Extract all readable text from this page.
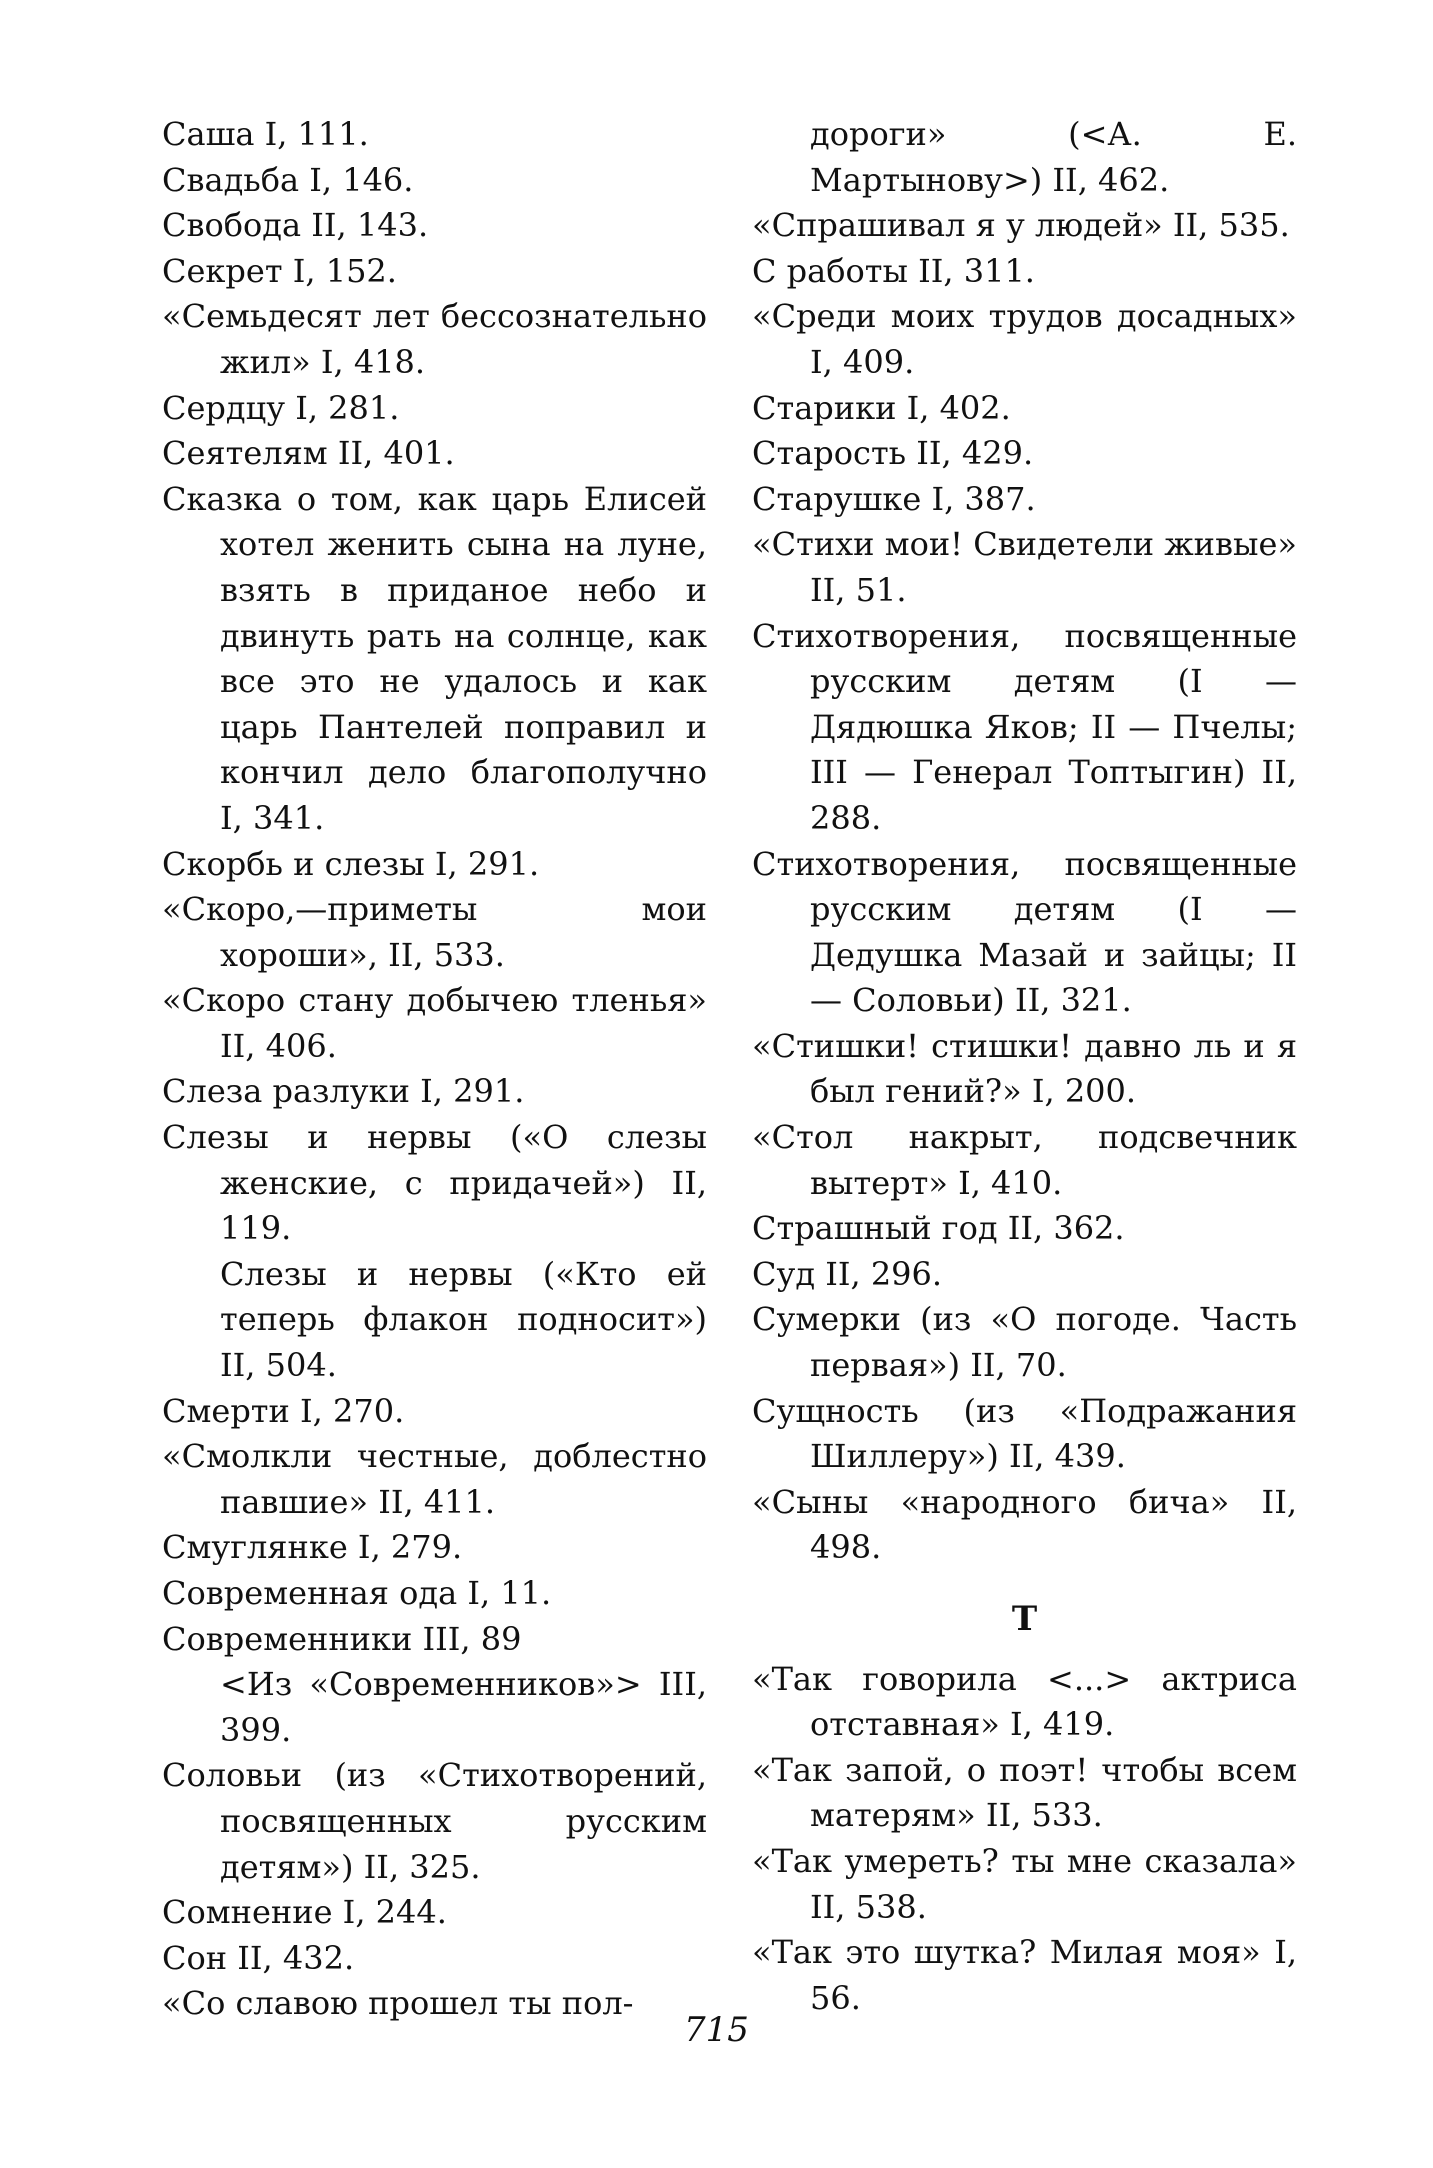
Саша I, 111.

Свадьба I, 146.

Свобода II, 143.

Секрет I, 152.

«Семьдесят лет бессознательно жил» I, 418.

Сердцу I, 281.

Сеятелям II, 401.

Сказка о том, как царь Елисей хотел женить сына на луне, взять в приданое небо и двинуть рать на солнце, как все это не удалось и как царь Пантелей поправил и кончил дело благополучно I, 341.

Скорбь и слезы I, 291.

«Скоро,—приметы мои хороши», II, 533.

«Скоро стану добычею тленья» II, 406.

Слеза разлуки I, 291.

Слезы и нервы («О слезы женские, с придачей») II, 119.

Слезы и нервы («Кто ей теперь флакон подносит») II, 504.

Смерти I, 270.

«Смолкли честные, доблестно павшие» II, 411.

Смуглянке I, 279.

Современная ода I, 11.

Современники III, 89

<Из «Современников»> III, 399.

Соловьи (из «Стихотворений, посвященных русским детям») II, 325.

Сомнение I, 244.

Сон II, 432.

«Со славою прошел ты пол-

дороги» (<А. Е. Мартынову>) II, 462.

«Спрашивал я у людей» II, 535.

С работы II, 311.

«Среди моих трудов досадных» I, 409.

Старики I, 402.

Старость II, 429.

Старушке I, 387.

«Стихи мои! Свидетели живые» II, 51.

Стихотворения, посвященные русским детям (I — Дядюшка Яков; II — Пчелы; III — Генерал Топтыгин) II, 288.

Стихотворения, посвященные русским детям (I — Дедушка Мазай и зайцы; II — Соловьи) II, 321.

«Стишки! стишки! давно ль и я был гений?» I, 200.

«Стол накрыт, подсвечник вытерт» I, 410.

Страшный год II, 362.

Суд II, 296.

Сумерки (из «О погоде. Часть первая») II, 70.

Сущность (из «Подражания Шиллеру») II, 439.

«Сыны «народного бича» II, 498.

Т

«Так говорила <...> актриса отставная» I, 419.

«Так запой, о поэт! чтобы всем матерям» II, 533.

«Так умереть? ты мне сказала» II, 538.

«Так это шутка? Милая моя» I, 56.

715
